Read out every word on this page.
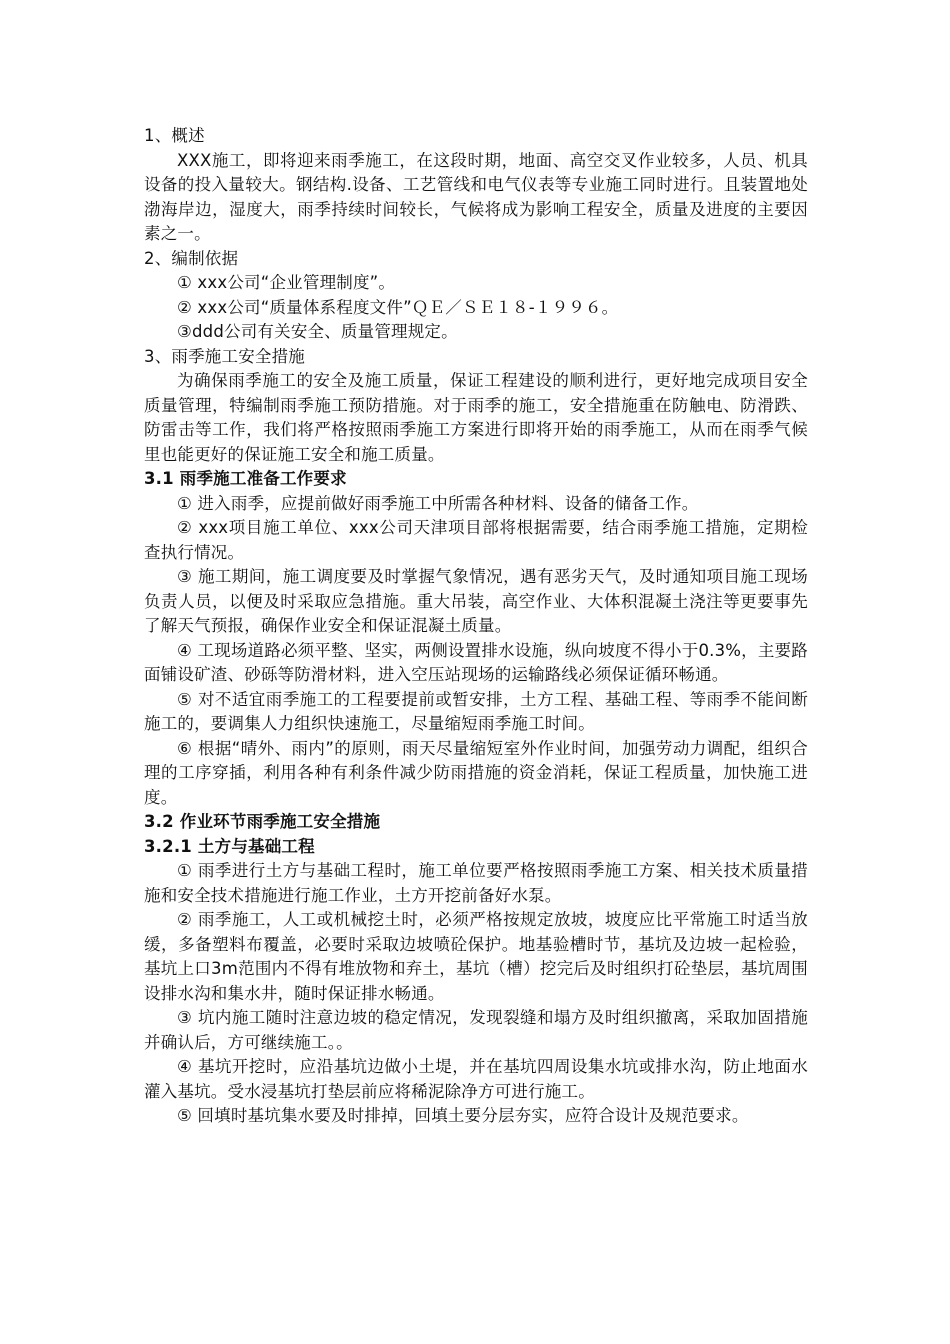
1、概述
XXX施工，即将迎来雨季施工，在这段时期，地面、高空交叉作业较多，人员、机具设备的投入量较大。钢结构.设备、工艺管线和电气仪表等专业施工同时进行。且装置地处渤海岸边，湿度大，雨季持续时间较长，气候将成为影响工程安全，质量及进度的主要因素之一。
2、编制依据
① xxx公司“企业管理制度”。
② xxx公司“质量体系程度文件”ＱＥ／ＳＥ１８-１９９６。
③ddd公司有关安全、质量管理规定。
3、雨季施工安全措施
为确保雨季施工的安全及施工质量，保证工程建设的顺利进行，更好地完成项目安全质量管理，特编制雨季施工预防措施。对于雨季的施工，安全措施重在防触电、防滑跌、防雷击等工作，我们将严格按照雨季施工方案进行即将开始的雨季施工，从而在雨季气候里也能更好的保证施工安全和施工质量。
3.1 雨季施工准备工作要求
① 进入雨季，应提前做好雨季施工中所需各种材料、设备的储备工作。
② xxx项目施工单位、xxx公司天津项目部将根据需要，结合雨季施工措施，定期检查执行情况。
③ 施工期间，施工调度要及时掌握气象情况，遇有恶劣天气，及时通知项目施工现场负责人员，以便及时采取应急措施。重大吊装，高空作业、大体积混凝土浇注等更要事先了解天气预报，确保作业安全和保证混凝土质量。
④ 工现场道路必须平整、坚实，两侧设置排水设施，纵向坡度不得小于0.3%，主要路面铺设矿渣、砂砾等防滑材料，进入空压站现场的运输路线必须保证循环畅通。
⑤ 对不适宜雨季施工的工程要提前或暂安排，土方工程、基础工程、等雨季不能间断施工的，要调集人力组织快速施工，尽量缩短雨季施工时间。
⑥ 根据“晴外、雨内”的原则，雨天尽量缩短室外作业时间，加强劳动力调配，组织合理的工序穿插，利用各种有利条件减少防雨措施的资金消耗，保证工程质量，加快施工进度。
3.2 作业环节雨季施工安全措施
3.2.1 土方与基础工程
① 雨季进行土方与基础工程时，施工单位要严格按照雨季施工方案、相关技术质量措施和安全技术措施进行施工作业，土方开挖前备好水泵。
② 雨季施工，人工或机械挖土时，必须严格按规定放坡，坡度应比平常施工时适当放缓，多备塑料布覆盖，必要时采取边坡喷砼保护。地基验槽时节，基坑及边坡一起检验，基坑上口3m范围内不得有堆放物和弃土，基坑（槽）挖完后及时组织打砼垫层，基坑周围设排水沟和集水井，随时保证排水畅通。
③ 坑内施工随时注意边坡的稳定情况，发现裂缝和塌方及时组织撤离，采取加固措施并确认后，方可继续施工。。
④ 基坑开挖时，应沿基坑边做小土堤，并在基坑四周设集水坑或排水沟，防止地面水灌入基坑。受水浸基坑打垫层前应将稀泥除净方可进行施工。
⑤ 回填时基坑集水要及时排掉，回填土要分层夯实，应符合设计及规范要求。
